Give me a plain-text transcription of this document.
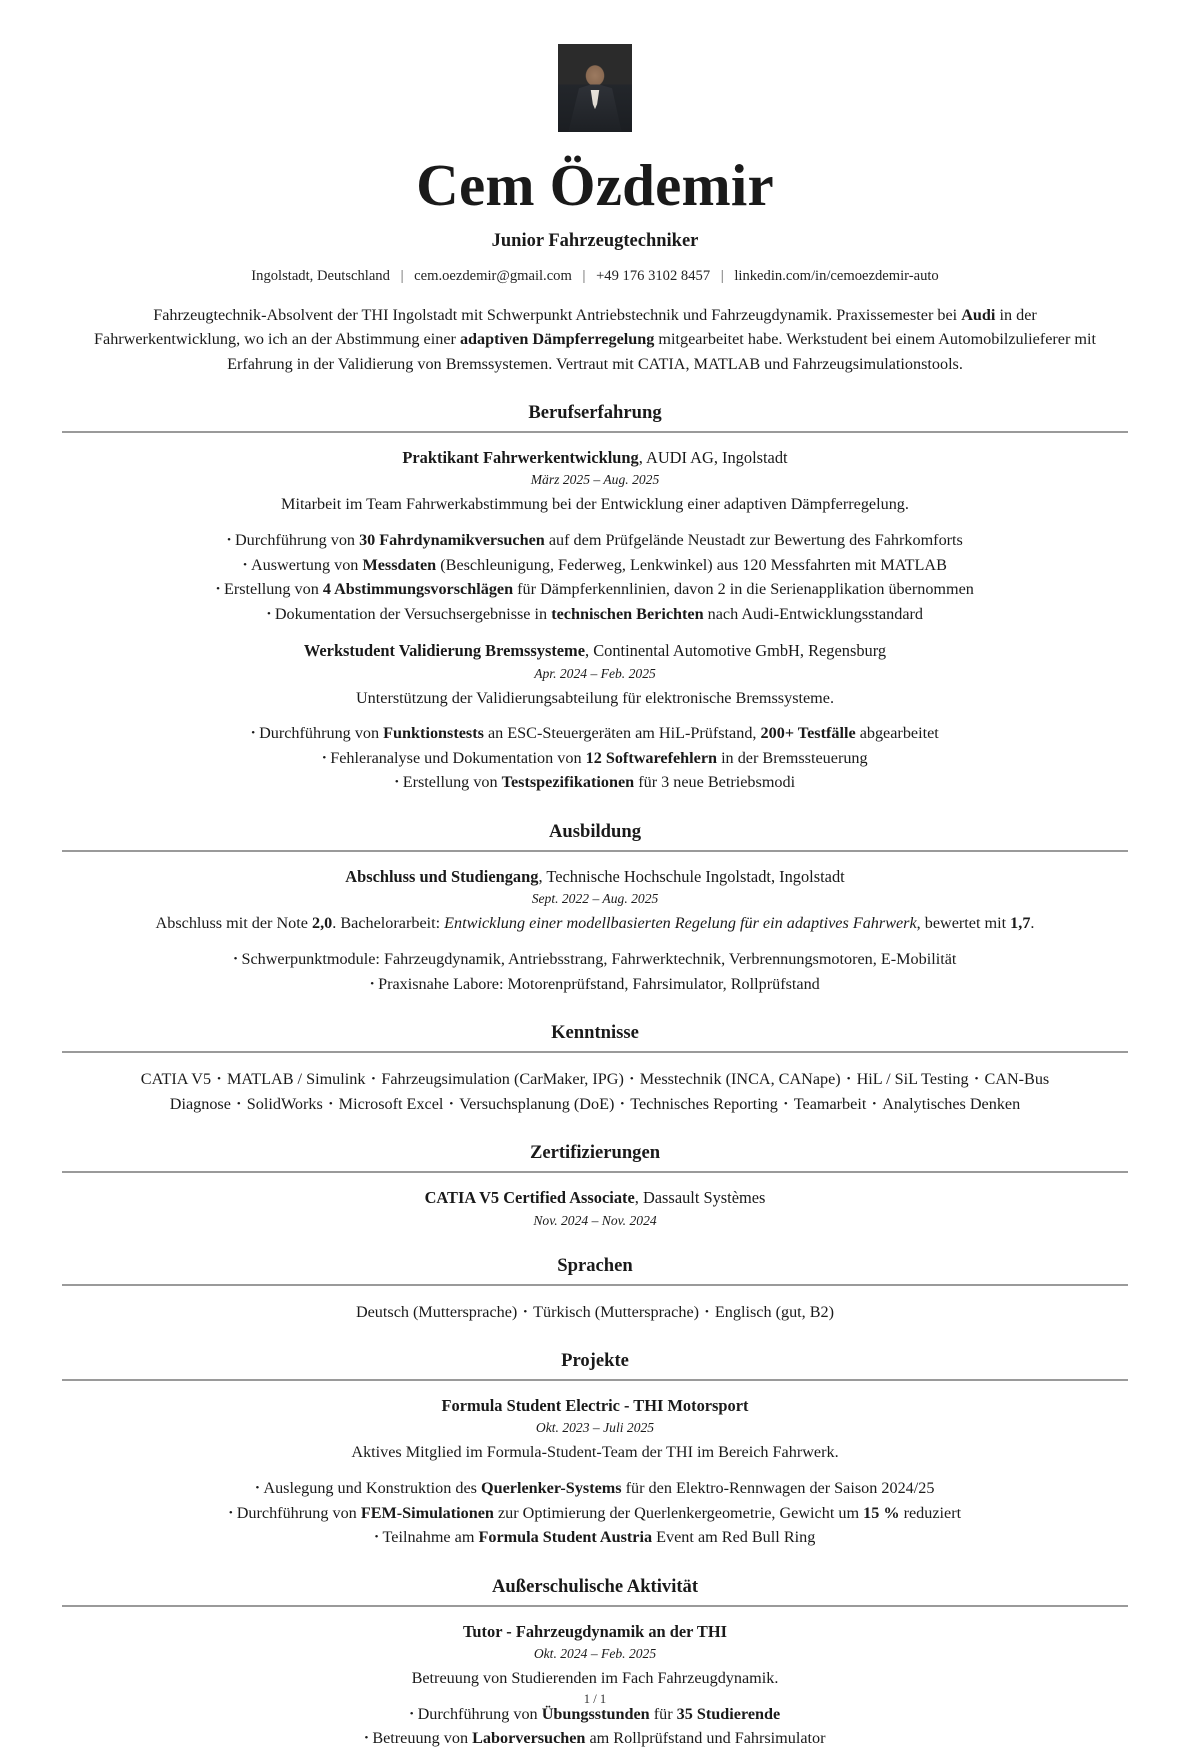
Cem Özdemir
Junior Fahrzeugtechniker
Ingolstadt, Deutschland | cem.oezdemir@gmail.com | +49 176 3102 8457 | linkedin.com/in/cemoezdemir-auto
Fahrzeugtechnik-Absolvent der THI Ingolstadt mit Schwerpunkt Antriebstechnik und Fahrzeugdynamik. Praxissemester bei Audi in der Fahrwerkentwicklung, wo ich an der Abstimmung einer adaptiven Dämpferregelung mitgearbeitet habe. Werkstudent bei einem Automobilzulieferer mit Erfahrung in der Validierung von Bremssystemen. Vertraut mit CATIA, MATLAB und Fahrzeugsimulationstools.
Berufserfahrung
Praktikant Fahrwerkentwicklung, AUDI AG, Ingolstadt
März 2025 – Aug. 2025
Mitarbeit im Team Fahrwerkabstimmung bei der Entwicklung einer adaptiven Dämpferregelung.
• Durchführung von 30 Fahrdynamikversuchen auf dem Prüfgelände Neustadt zur Bewertung des Fahrkomforts
• Auswertung von Messdaten (Beschleunigung, Federweg, Lenkwinkel) aus 120 Messfahrten mit MATLAB
• Erstellung von 4 Abstimmungsvorschlägen für Dämpferkennlinien, davon 2 in die Serienapplikation übernommen
• Dokumentation der Versuchsergebnisse in technischen Berichten nach Audi-Entwicklungsstandard
Werkstudent Validierung Bremssysteme, Continental Automotive GmbH, Regensburg
Apr. 2024 – Feb. 2025
Unterstützung der Validierungsabteilung für elektronische Bremssysteme.
• Durchführung von Funktionstests an ESC-Steuergeräten am HiL-Prüfstand, 200+ Testfälle abgearbeitet
• Fehleranalyse und Dokumentation von 12 Softwarefehlern in der Bremssteuerung
• Erstellung von Testspezifikationen für 3 neue Betriebsmodi
Ausbildung
Abschluss und Studiengang, Technische Hochschule Ingolstadt, Ingolstadt
Sept. 2022 – Aug. 2025
Abschluss mit der Note 2,0. Bachelorarbeit: Entwicklung einer modellbasierten Regelung für ein adaptives Fahrwerk, bewertet mit 1,7.
• Schwerpunktmodule: Fahrzeugdynamik, Antriebsstrang, Fahrwerktechnik, Verbrennungsmotoren, E-Mobilität
• Praxisnahe Labore: Motorenprüfstand, Fahrsimulator, Rollprüfstand
Kenntnisse
CATIA V5 • MATLAB / Simulink • Fahrzeugsimulation (CarMaker, IPG) • Messtechnik (INCA, CANape) • HiL / SiL Testing • CAN-Bus Diagnose • SolidWorks • Microsoft Excel • Versuchsplanung (DoE) • Technisches Reporting • Teamarbeit • Analytisches Denken
Zertifizierungen
CATIA V5 Certified Associate, Dassault Systèmes
Nov. 2024 – Nov. 2024
Sprachen
Deutsch (Muttersprache) • Türkisch (Muttersprache) • Englisch (gut, B2)
Projekte
Formula Student Electric - THI Motorsport
Okt. 2023 – Juli 2025
Aktives Mitglied im Formula-Student-Team der THI im Bereich Fahrwerk.
• Auslegung und Konstruktion des Querlenker-Systems für den Elektro-Rennwagen der Saison 2024/25
• Durchführung von FEM-Simulationen zur Optimierung der Querlenkergeometrie, Gewicht um 15 % reduziert
• Teilnahme am Formula Student Austria Event am Red Bull Ring
Außerschulische Aktivität
Tutor - Fahrzeugdynamik an der THI
Okt. 2024 – Feb. 2025
Betreuung von Studierenden im Fach Fahrzeugdynamik.
• Durchführung von Übungsstunden für 35 Studierende
• Betreuung von Laborversuchen am Rollprüfstand und Fahrsimulator
1 / 1
